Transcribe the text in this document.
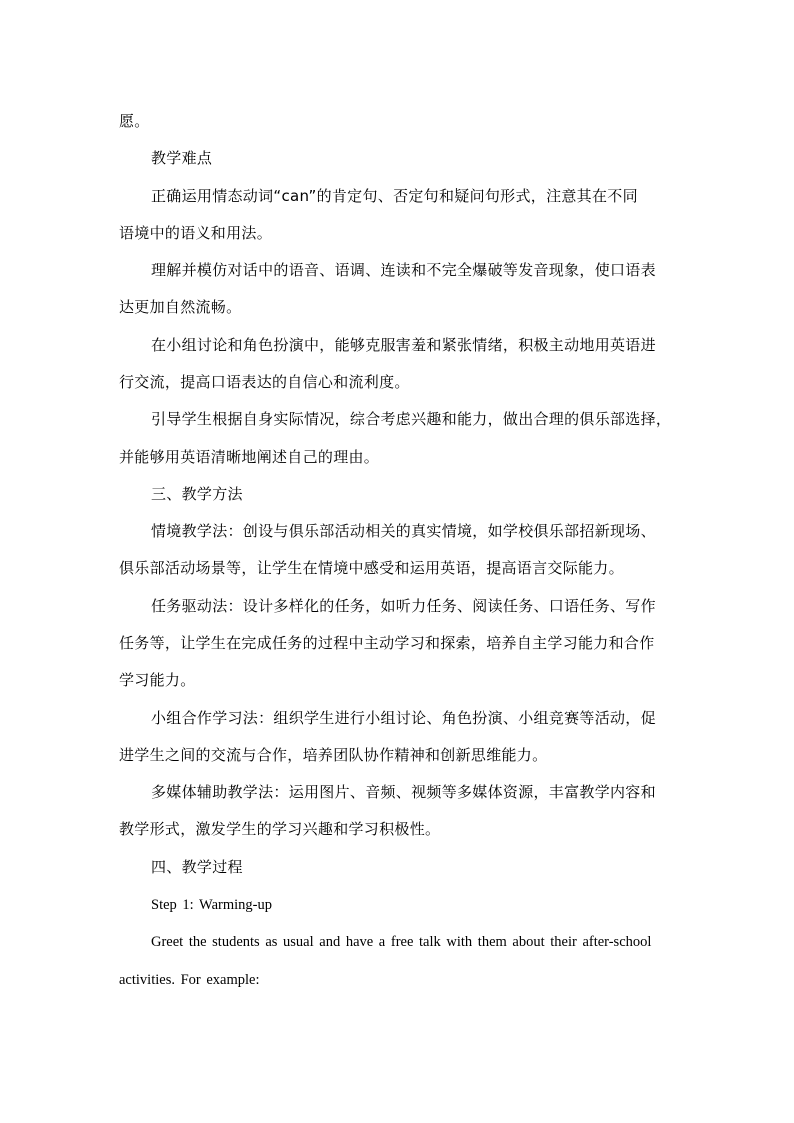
愿。
教学难点
正确运用情态动词“can”的肯定句、否定句和疑问句形式，注意其在不同
语境中的语义和用法。
理解并模仿对话中的语音、语调、连读和不完全爆破等发音现象，使口语表
达更加自然流畅。
在小组讨论和角色扮演中，能够克服害羞和紧张情绪，积极主动地用英语进
行交流，提高口语表达的自信心和流利度。
引导学生根据自身实际情况，综合考虑兴趣和能力，做出合理的俱乐部选择，
并能够用英语清晰地阐述自己的理由。
三、教学方法
情境教学法：创设与俱乐部活动相关的真实情境，如学校俱乐部招新现场、
俱乐部活动场景等，让学生在情境中感受和运用英语，提高语言交际能力。
任务驱动法：设计多样化的任务，如听力任务、阅读任务、口语任务、写作
任务等，让学生在完成任务的过程中主动学习和探索，培养自主学习能力和合作
学习能力。
小组合作学习法：组织学生进行小组讨论、角色扮演、小组竞赛等活动，促
进学生之间的交流与合作，培养团队协作精神和创新思维能力。
多媒体辅助教学法：运用图片、音频、视频等多媒体资源，丰富教学内容和
教学形式，激发学生的学习兴趣和学习积极性。
四、教学过程
Step 1: Warming-up
Greet the students as usual and have a free talk with them about their after-school
activities. For example:
